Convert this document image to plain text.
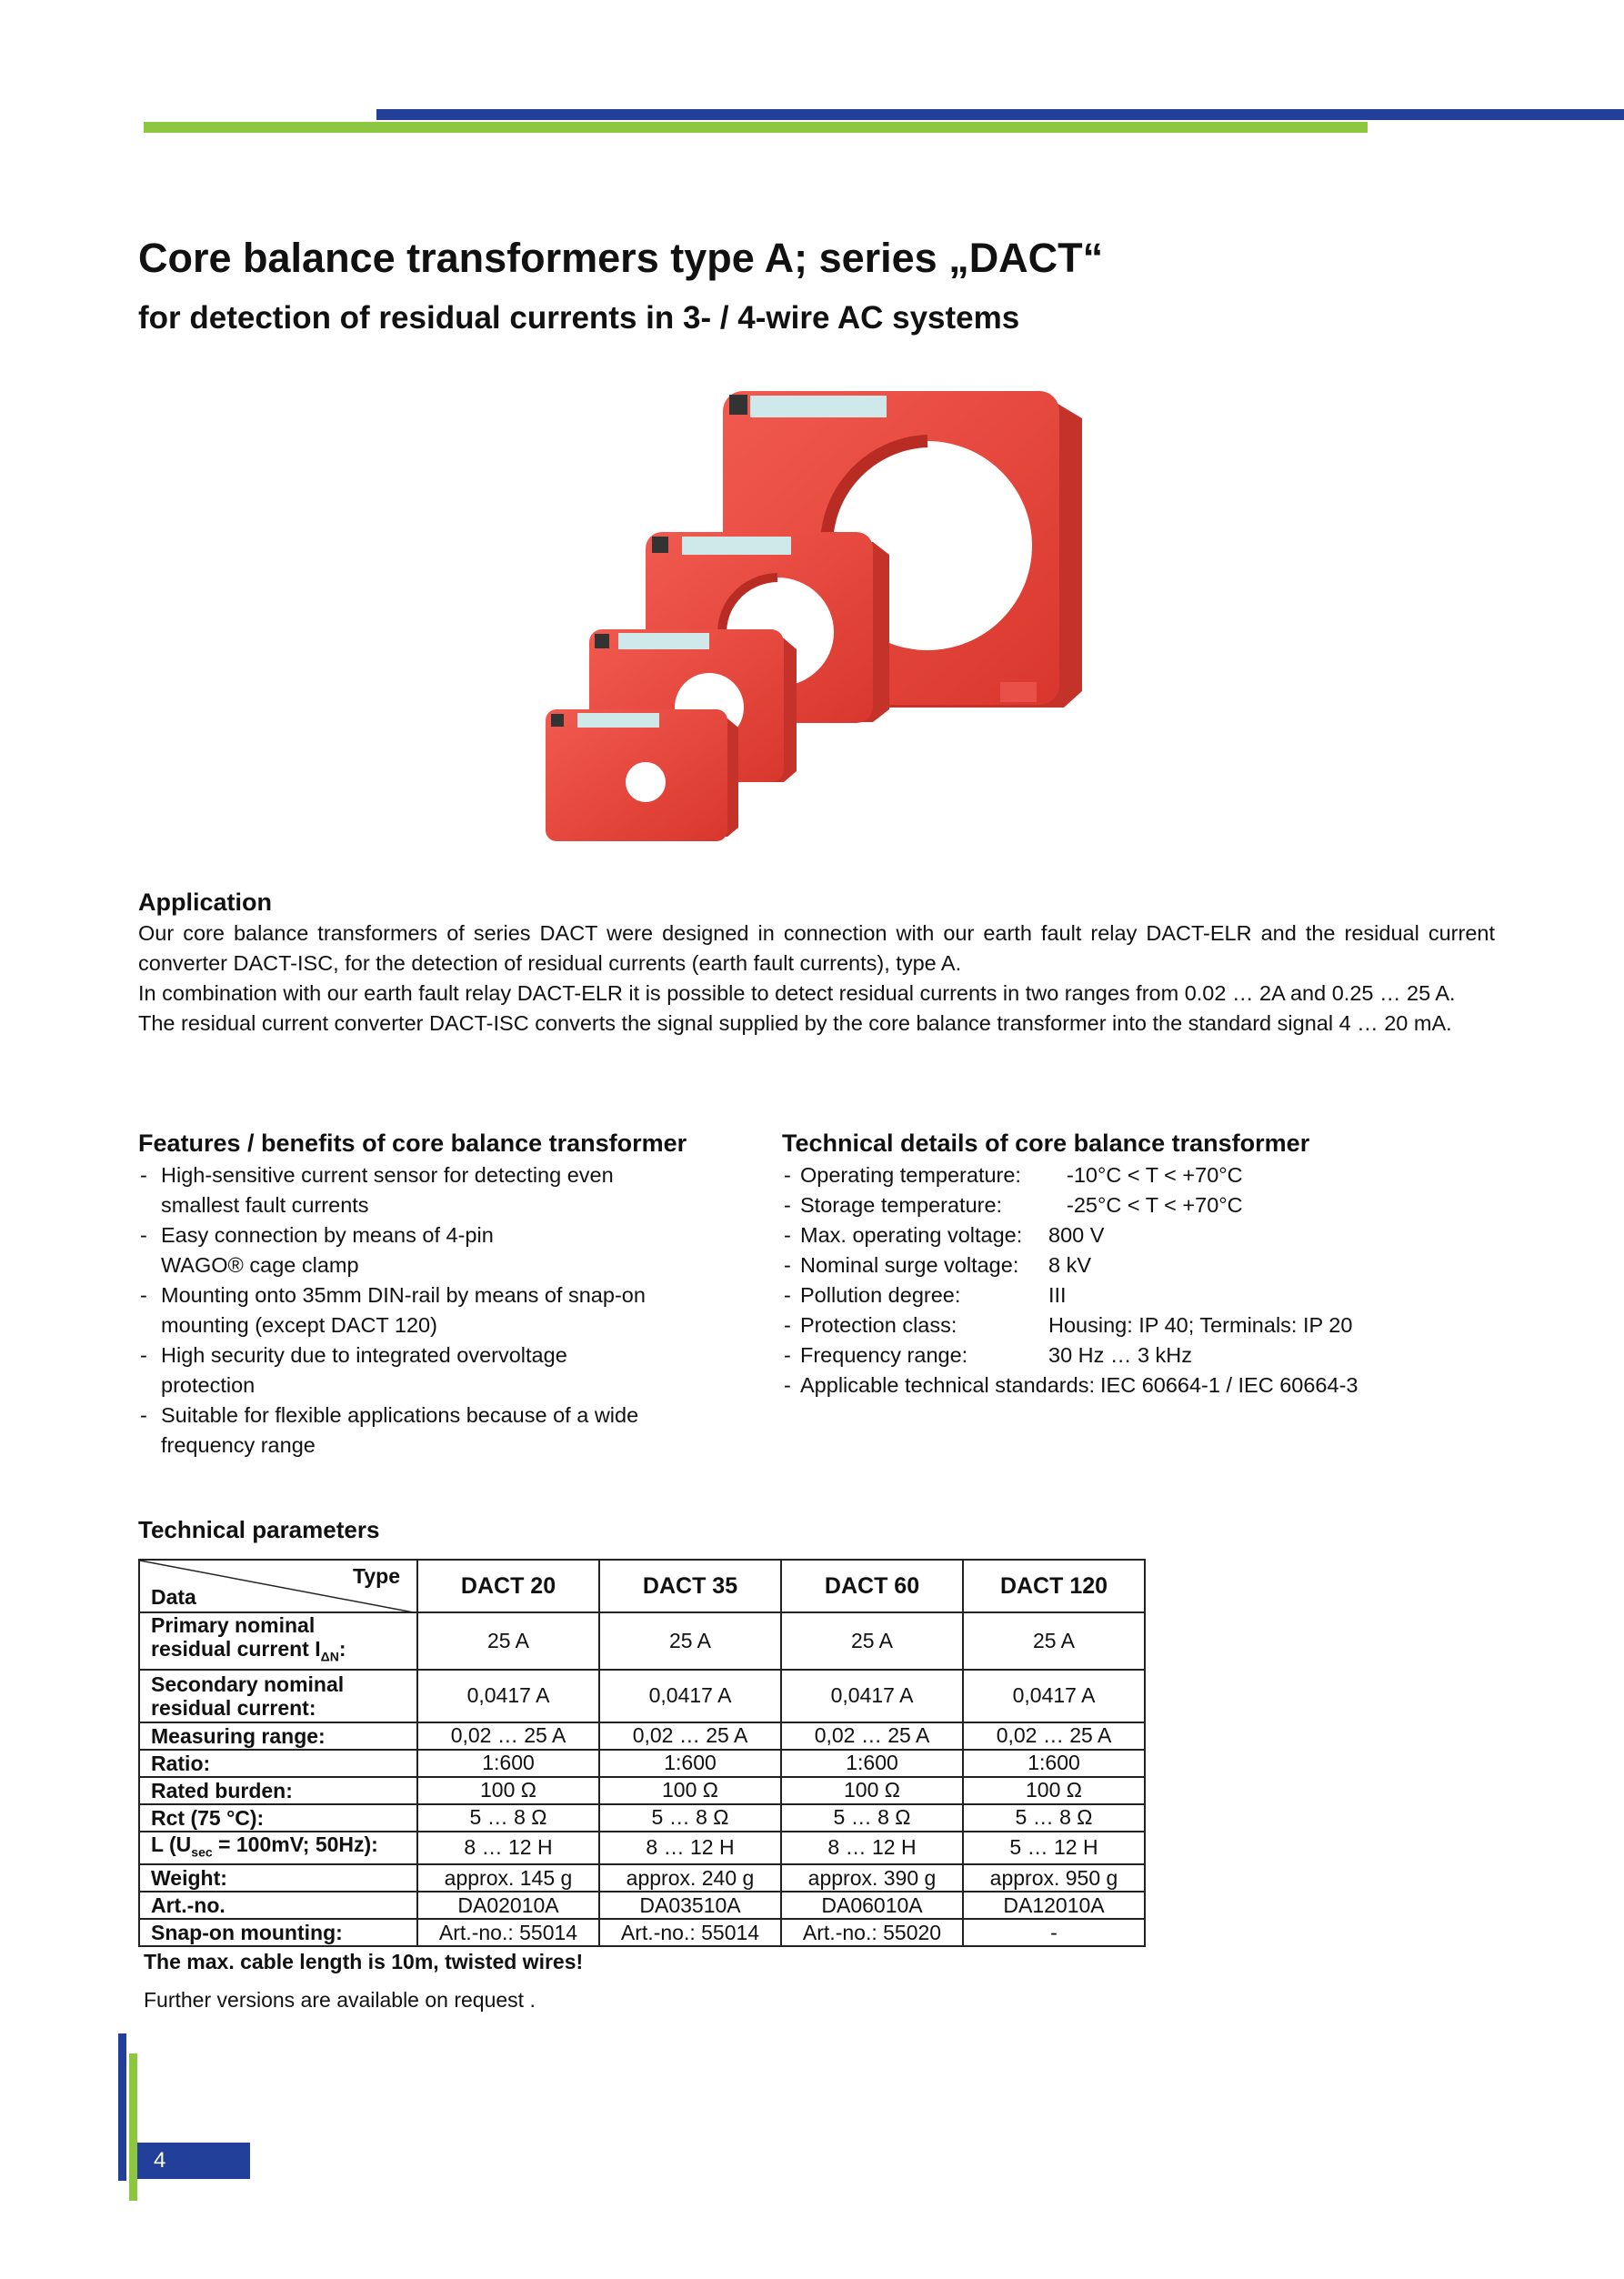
Core balance transformers type A; series „DACT“
for detection of residual currents in 3- / 4-wire AC systems
Application

Our core balance transformers of series DACT were designed in connection with our earth fault relay DACT-ELR and the residual current converter DACT-ISC, for the detection of residual currents (earth fault currents), type A.

In combination with our earth fault relay DACT-ELR it is possible to detect residual currents in two ranges from 0.02 … 2A and 0.25 … 25 A.

The residual current converter DACT-ISC converts the signal supplied by the core balance transformer into the standard signal 4 … 20 mA.

Features / benefits of core balance transformer
- High-sensitive current sensor for detecting even
smallest fault currents
- Easy connection by means of 4-pin
WAGO® cage clamp
- Mounting onto 35mm DIN-rail by means of snap-on
mounting (except DACT 120)
- High security due to integrated overvoltage
protection
- Suitable for flexible applications because of a wide
frequency range
Technical details of core balance transformer
- Operating temperature: -10°C < T < +70°C
- Storage temperature:	-25°C < T < +70°C
- Max. operating voltage: 800 V
- Nominal surge voltage: 8 kV
- Pollution degree:	III
- Protection class:	Housing: IP 40; Terminals: IP 20
- Frequency range:	30 Hz … 3 kHz
- Applicable technical standards: IEC 60664-1 / IEC 60664-3
Technical parameters
Type
Data	DACT 20	DACT 35	DACT 60	DACT 120
Primary nominal
residual current $I_{\Delta N}$:	25 A	25 A	25 A	25 A
Secondary nominal
residual current:	0,0417 A	0,0417 A	0,0417 A	0,0417 A
Measuring range:	0,02 … 25 A	0,02 … 25 A	0,02 … 25 A	0,02 … 25 A
Ratio:	1:600	1:600	1:600	1:600
Rated burden:	100 Ω	100 Ω	100 Ω	100 Ω
Rct (75 °C):	5 … 8 Ω	5 … 8 Ω	5 … 8 Ω	5 … 8 Ω
L ($U_{sec} = 100mV$; 50Hz):	8 … 12 H	8 … 12 H	8 … 12 H	5 … 12 H
Weight:	approx. 145 g	approx. 240 g	approx. 390 g	approx. 950 g
Art.-no.	DA02010A	DA03510A	DA06010A	DA12010A
Snap-on mounting:	Art.-no.: 55014	Art.-no.: 55014	Art.-no.: 55020	-
The max. cable length is 10m, twisted wires!
Further versions are available on request .
4
